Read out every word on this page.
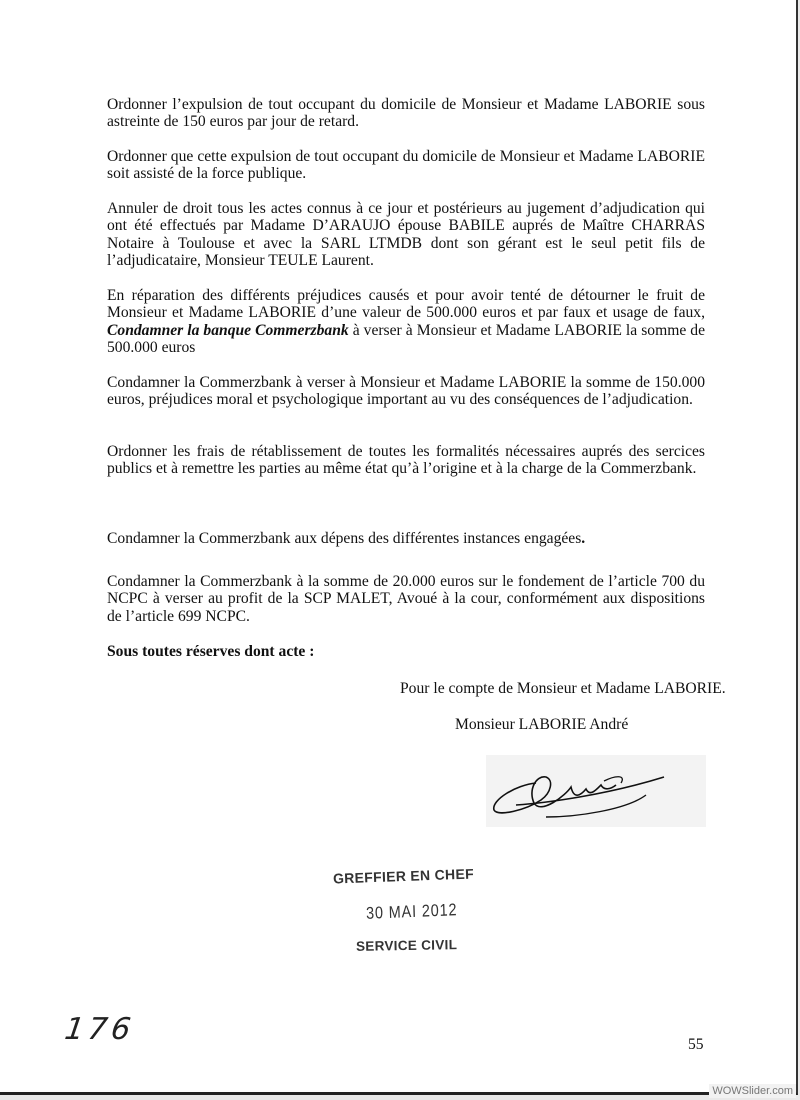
Ordonner l’expulsion de tout occupant du domicile de Monsieur et Madame LABORIE sous astreinte de 150 euros par jour de retard.

Ordonner que cette expulsion de tout occupant du domicile de Monsieur et Madame LABORIE soit assisté de la force publique.

Annuler de droit tous les actes connus à ce jour et postérieurs au jugement d’adjudication qui ont été effectués par Madame D’ARAUJO épouse BABILE auprés de Maître CHARRAS Notaire à Toulouse et avec la SARL LTMDB dont son gérant est le seul petit fils de l’adjudicataire, Monsieur TEULE Laurent.

En réparation des différents préjudices causés et pour avoir tenté de détourner le fruit de Monsieur et Madame LABORIE d’une valeur de 500.000 euros et par faux et usage de faux, Condamner la banque Commerzbank à verser à Monsieur et Madame LABORIE la somme de 500.000 euros

Condamner la Commerzbank à verser à Monsieur et Madame LABORIE la somme de 150.000 euros, préjudices moral et psychologique important au vu des conséquences de l’adjudication.

Ordonner les frais de rétablissement de toutes les formalités nécessaires auprés des sercices publics et à remettre les parties au même état qu’à l’origine et à la charge de la Commerzbank.

Condamner la Commerzbank aux dépens des différentes instances engagées.

Condamner la Commerzbank à la somme de 20.000 euros sur le fondement de l’article 700 du NCPC à verser au profit de la SCP MALET, Avoué à la cour, conformément aux dispositions de l’article 699 NCPC.

Sous toutes réserves dont acte :

Pour le compte de Monsieur et Madame LABORIE.

Monsieur LABORIE André

GREFFIER EN CHEF
30 MAI 2012
SERVICE CIVIL
176	55
WOWSlider.com
